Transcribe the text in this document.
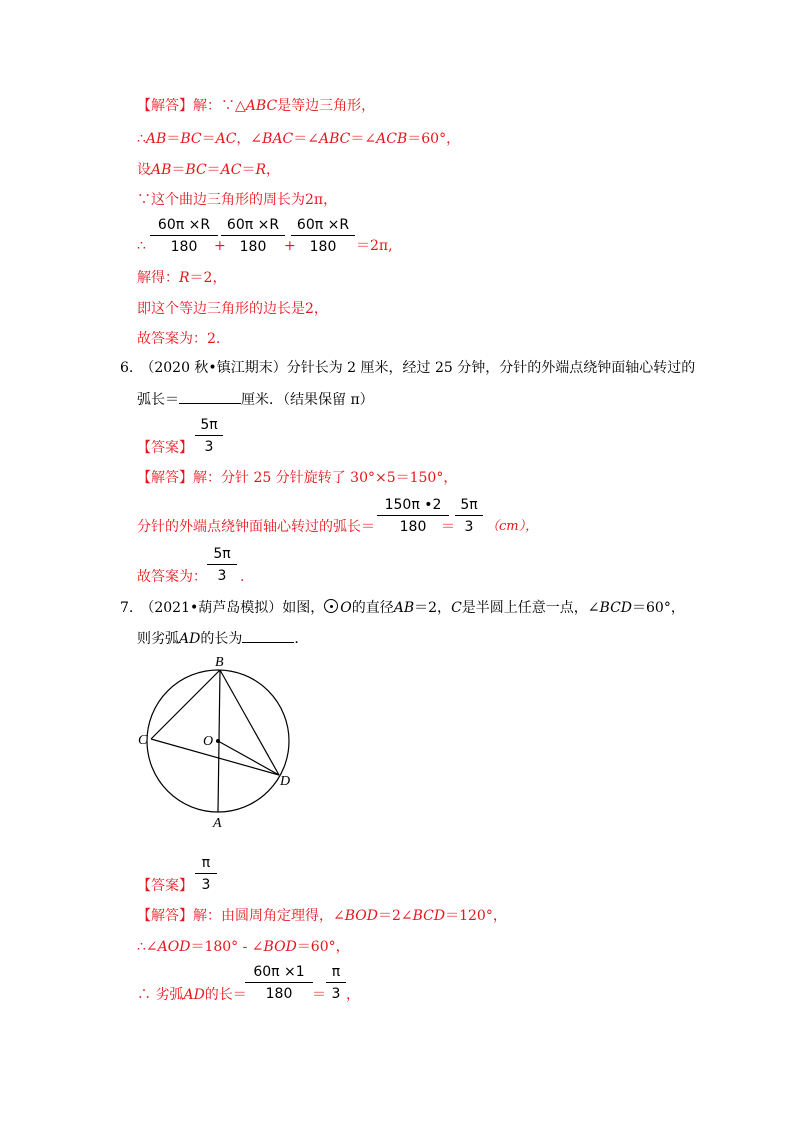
【解答】解：∵△ABC是等边三角形，
∴AB＝BC＝AC，∠BAC＝∠ABC＝∠ACB＝60°，
设AB＝BC＝AC＝R，
∵这个曲边三角形的周长为2π，
∴ $\frac{60\pi \times R}{180}$
+
$\frac{60\pi \times R}{180}$ +
$\frac{60\pi \times R}{180} =2\pi$,
解得：R＝2，
即这个等边三角形的边长是2，
故答案为：2.
6.　（2020 秋•镇江期末）分针长为 2 厘米，经过 25 分钟，分针的外端点绕钟面轴心转过的
弧长＝	厘米．（结果保留 π）
【答案】 $\frac{5\pi}{3}$
【解答】解：分针 25 分针旋转了 30°×5＝150°，
分针的外端点绕钟面轴心转过的弧长＝ $\frac{150\pi •2}{180}$
＝ $\frac{5\pi}{3} (cm)$，
故答案为： $\frac{5\pi}{3}$ .
7.　（2021•葫芦岛模拟）如图， O的直径AB＝2，C是半圆上任意一点，∠BCD＝60°，
则劣弧AD的长为	．
B
C	O
D
A
【答案】 $\frac{\pi}{3}$
【解答】解：由圆周角定理得，∠BOD＝2∠BCD＝120°，
∴∠AOD＝180° - ∠BOD＝60°，
∴ 劣弧AD的长＝
$\frac{60\pi \times 1}{180} = \frac{\pi}{3}$ ，
